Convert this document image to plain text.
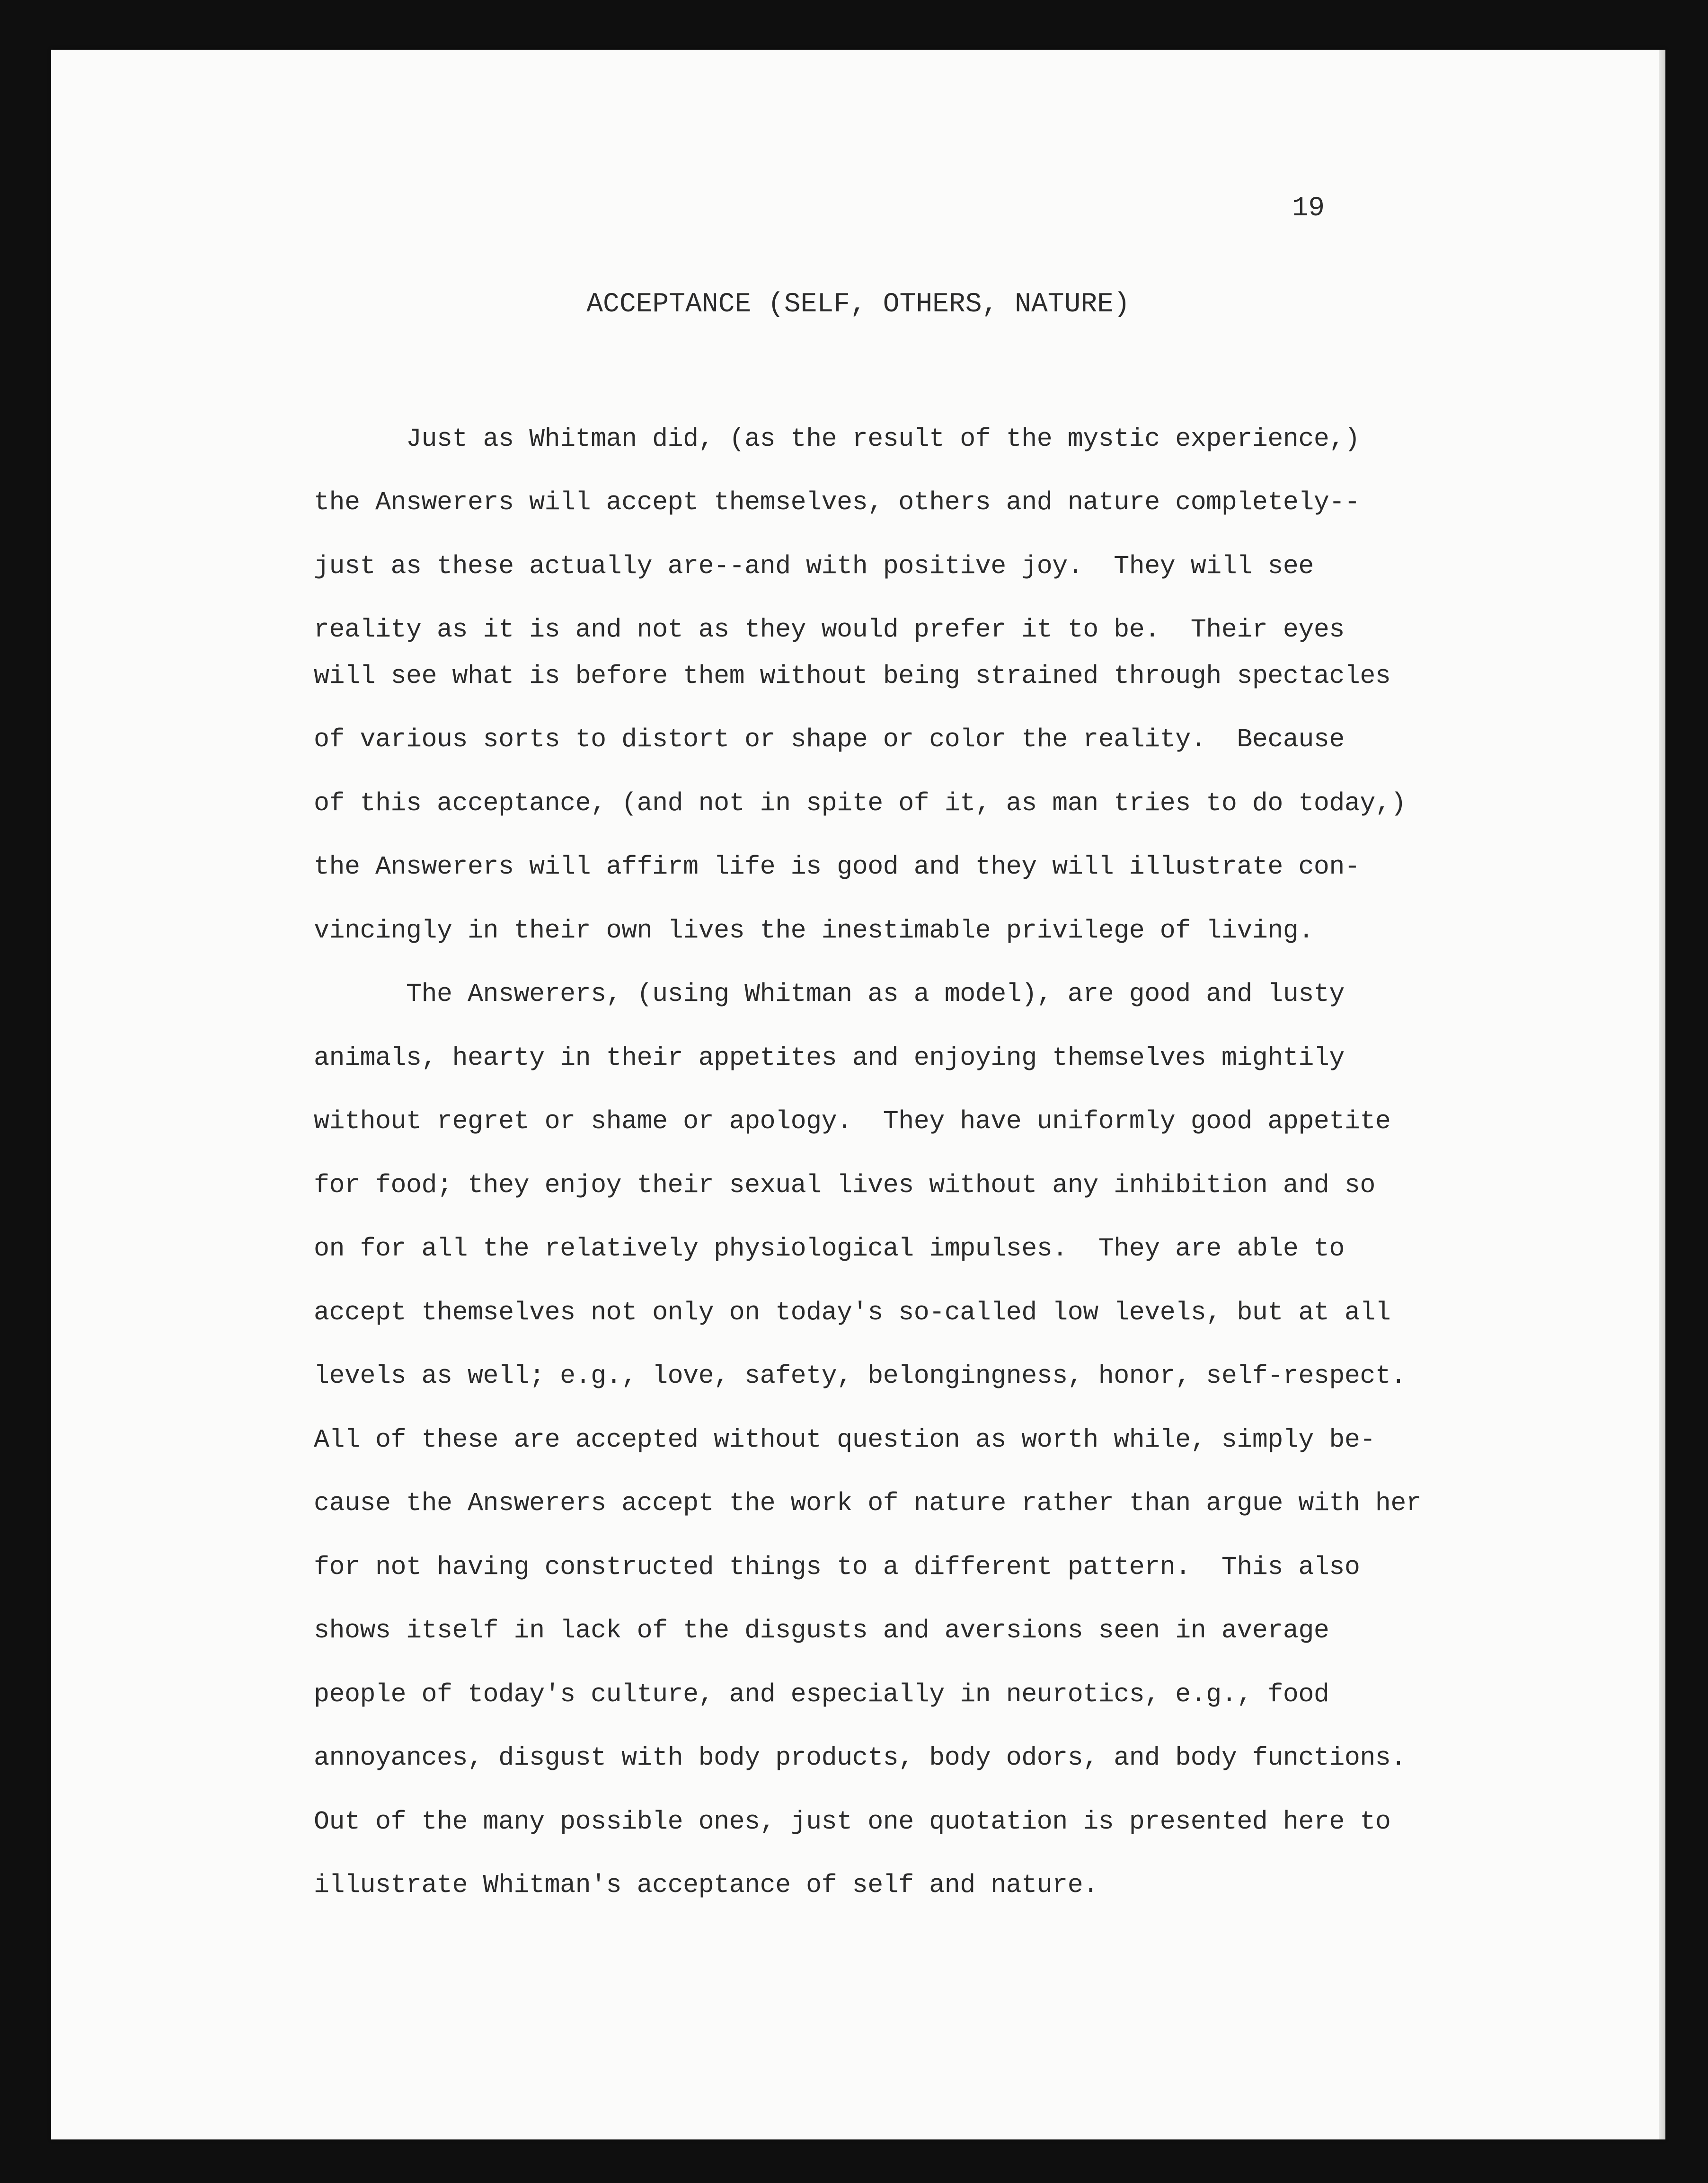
19
ACCEPTANCE (SELF, OTHERS, NATURE)
Just as Whitman did, (as the result of the mystic experience,)
the Answerers will accept themselves, others and nature completely--
just as these actually are--and with positive joy.  They will see
reality as it is and not as they would prefer it to be.  Their eyes
will see what is before them without being strained through spectacles
of various sorts to distort or shape or color the reality.  Because
of this acceptance, (and not in spite of it, as man tries to do today,)
the Answerers will affirm life is good and they will illustrate con-
vincingly in their own lives the inestimable privilege of living.
The Answerers, (using Whitman as a model), are good and lusty
animals, hearty in their appetites and enjoying themselves mightily
without regret or shame or apology.  They have uniformly good appetite
for food; they enjoy their sexual lives without any inhibition and so
on for all the relatively physiological impulses.  They are able to
accept themselves not only on today's so-called low levels, but at all
levels as well; e.g., love, safety, belongingness, honor, self-respect.
All of these are accepted without question as worth while, simply be-
cause the Answerers accept the work of nature rather than argue with her
for not having constructed things to a different pattern.  This also
shows itself in lack of the disgusts and aversions seen in average
people of today's culture, and especially in neurotics, e.g., food
annoyances, disgust with body products, body odors, and body functions.
Out of the many possible ones, just one quotation is presented here to
illustrate Whitman's acceptance of self and nature.
